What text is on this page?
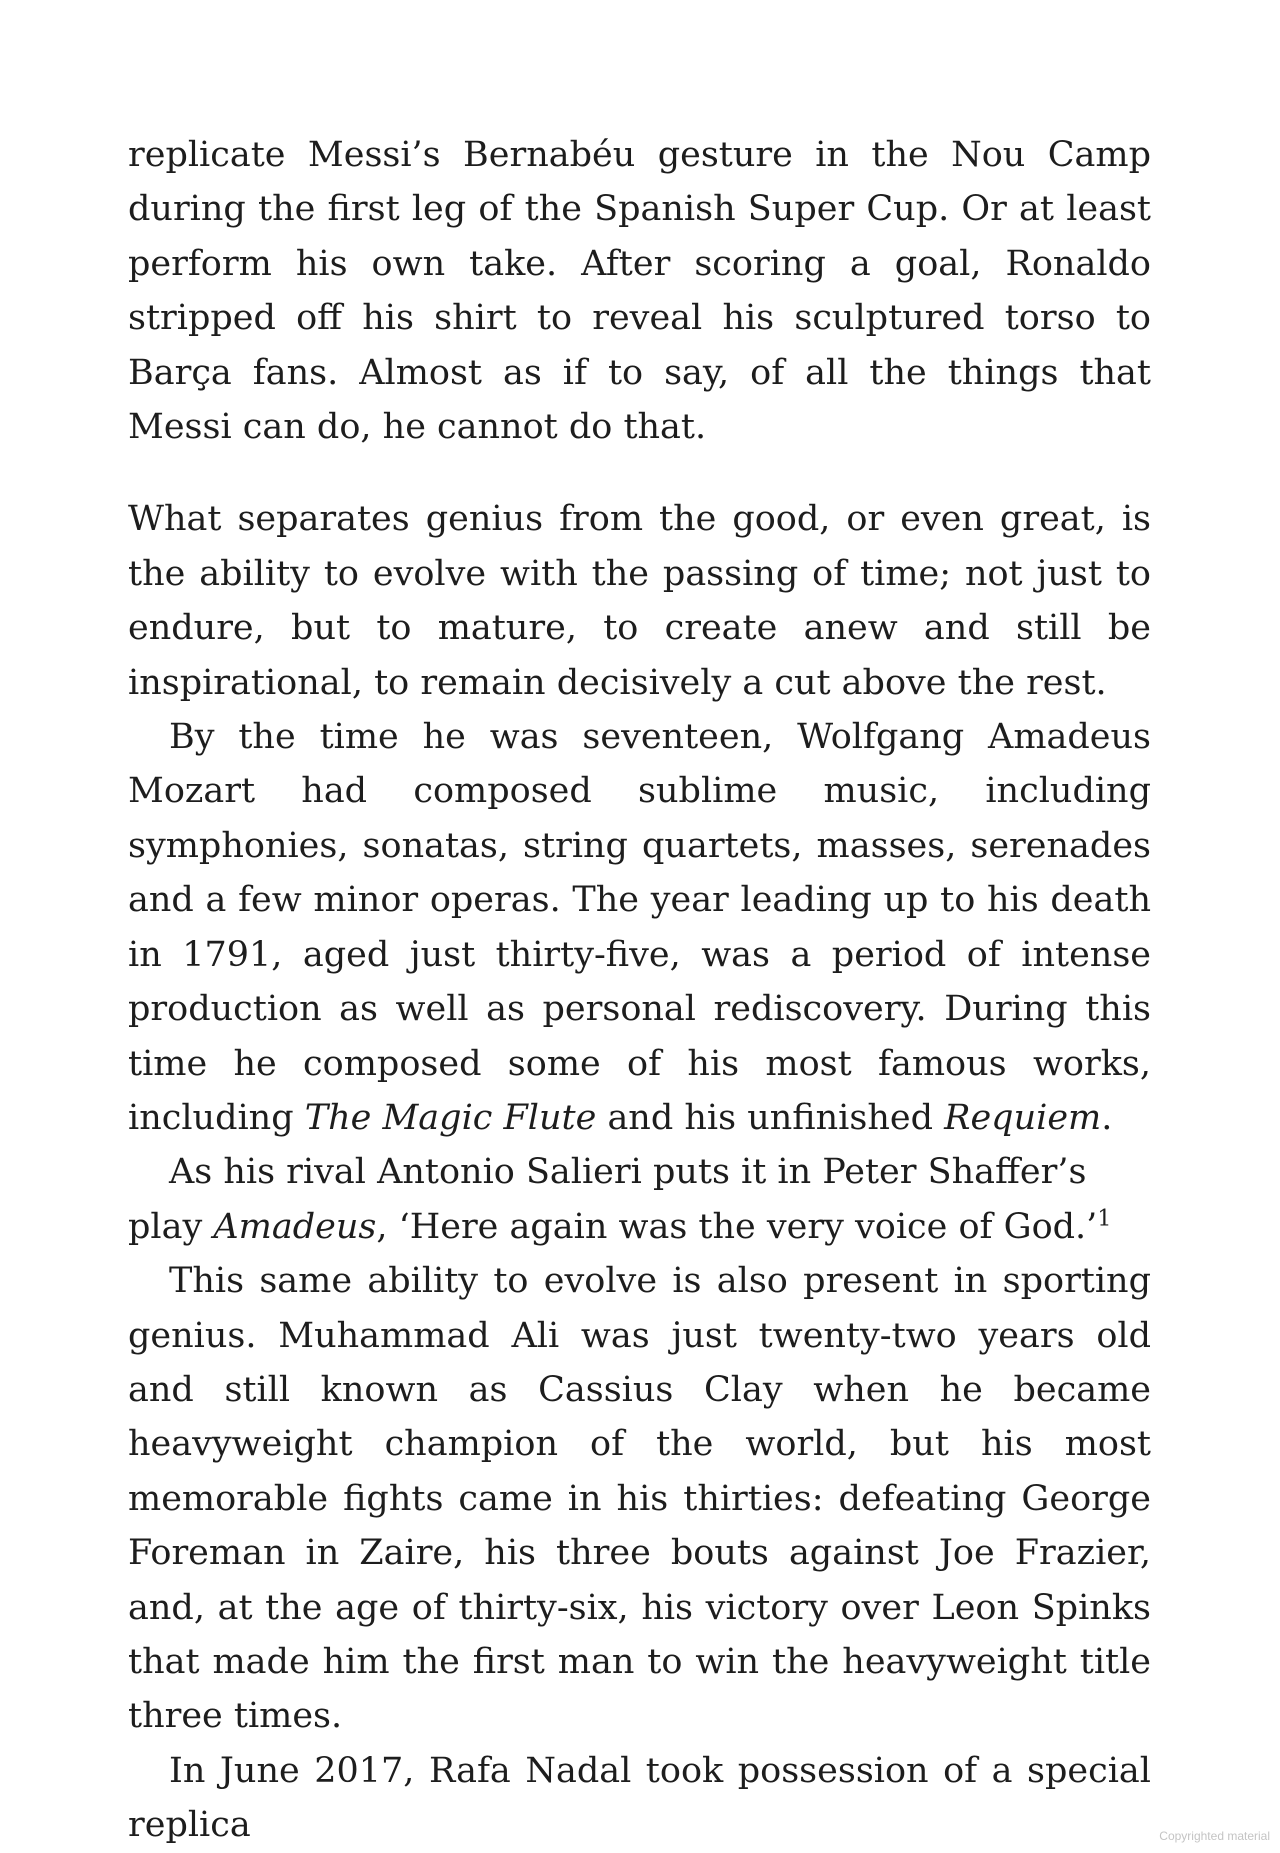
replicate Messi’s Bernabéu gesture in the Nou Camp during the first leg of the Spanish Super Cup. Or at least perform his own take. After scoring a goal, Ronaldo stripped off his shirt to reveal his sculptured torso to Barça fans. Almost as if to say, of all the things that Messi can do, he cannot do that.

What separates genius from the good, or even great, is the ability to evolve with the passing of time; not just to endure, but to mature, to create anew and still be inspirational, to remain decisively a cut above the rest.

By the time he was seventeen, Wolfgang Amadeus Mozart had composed sublime music, including symphonies, sonatas, string quartets, masses, serenades and a few minor operas. The year leading up to his death in 1791, aged just thirty-five, was a period of intense production as well as personal rediscovery. During this time he composed some of his most famous works, including The Magic Flute and his unfinished Requiem.

As his rival Antonio Salieri puts it in Peter Shaffer’s play Amadeus, ‘Here again was the very voice of God.’$^1$

This same ability to evolve is also present in sporting genius. Muhammad Ali was just twenty-two years old and still known as Cassius Clay when he became heavyweight champion of the world, but his most memorable fights came in his thirties: defeating George Foreman in Zaire, his three bouts against Joe Frazier, and, at the age of thirty-six, his victory over Leon Spinks that made him the first man to win the heavyweight title three times.

In June 2017, Rafa Nadal took possession of a special replica	Copyrighted material
